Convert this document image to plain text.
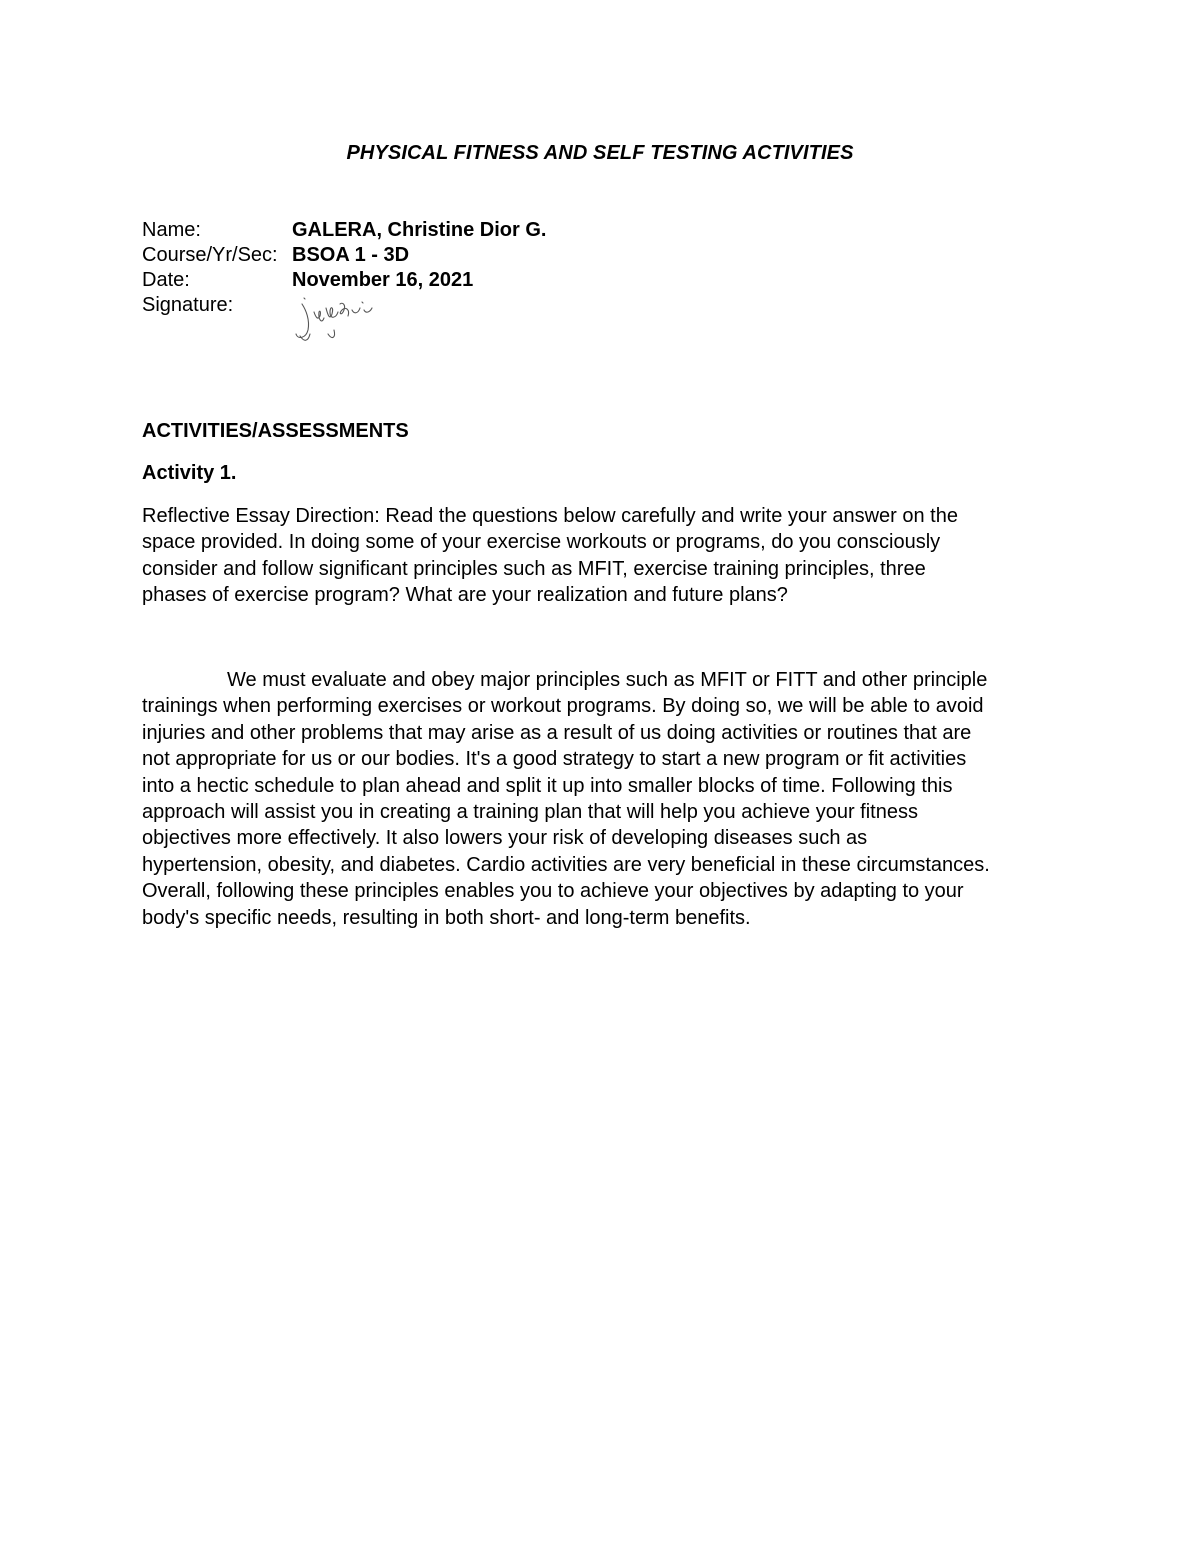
PHYSICAL FITNESS AND SELF TESTING ACTIVITIES
Name:	GALERA, Christine Dior G.
Course/Yr/Sec: BSOA 1 - 3D
Date:	November 16, 2021
Signature:
ACTIVITIES/ASSESSMENTS
Activity 1.
Reflective Essay Direction: Read the questions below carefully and write your answer on the
space provided. In doing some of your exercise workouts or programs, do you consciously
consider and follow significant principles such as MFIT, exercise training principles, three
phases of exercise program? What are your realization and future plans?
We must evaluate and obey major principles such as MFIT or FITT and other principle
trainings when performing exercises or workout programs. By doing so, we will be able to avoid
injuries and other problems that may arise as a result of us doing activities or routines that are
not appropriate for us or our bodies. It's a good strategy to start a new program or fit activities
into a hectic schedule to plan ahead and split it up into smaller blocks of time. Following this
approach will assist you in creating a training plan that will help you achieve your fitness
objectives more effectively. It also lowers your risk of developing diseases such as
hypertension, obesity, and diabetes. Cardio activities are very beneficial in these circumstances.
Overall, following these principles enables you to achieve your objectives by adapting to your
body's specific needs, resulting in both short- and long-term benefits.
